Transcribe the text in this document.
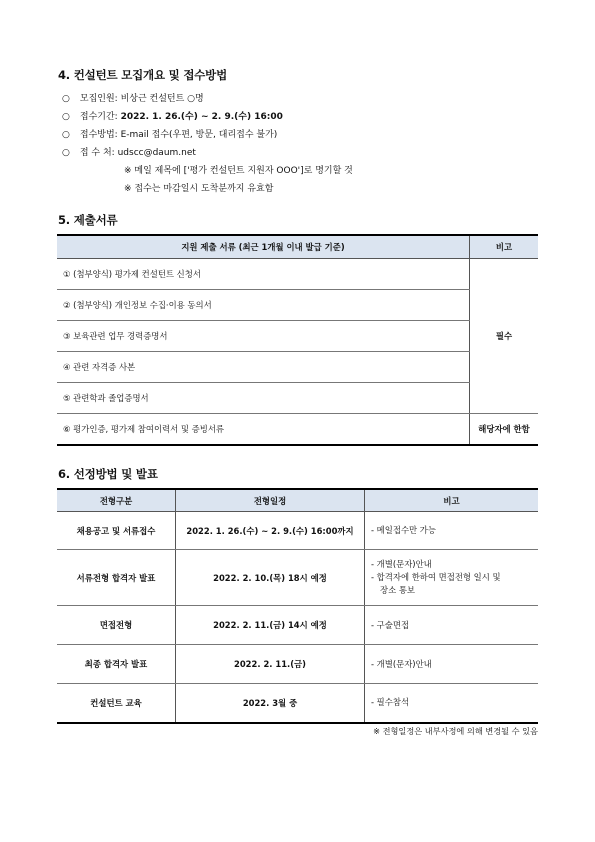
4. 컨설턴트 모집개요 및 접수방법
○ 모집인원: 비상근 컨설턴트 ○명
○ 접수기간: 2022. 1. 26.(수) ~ 2. 9.(수) 16:00
○ 접수방법: E-mail 접수(우편, 방문, 대리접수 불가)
○ 접 수 처: udscc@daum.net
※ 메일 제목에 ['평가 컨설턴트 지원자 OOO']로 명기할 것
※ 접수는 마감일시 도착분까지 유효함
5. 제출서류
지원 제출 서류 (최근 1개월 이내 발급 기준)	비고
① (첨부양식) 평가제 컨설턴트 신청서	필수
② (첨부양식) 개인정보 수집·이용 동의서	
③ 보육관련 업무 경력증명서	
④ 관련 자격증 사본	
⑤ 관련학과 졸업증명서	
⑥ 평가인증, 평가제 참여이력서 및 증빙서류	해당자에 한함
6. 선정방법 및 발표
전형구분	전형일정	비고
채용공고 및 서류접수	2022. 1. 26.(수) ~ 2. 9.(수) 16:00까지	- 메일접수만 가능

서류전형 합격자 발표	2022. 2. 10.(목) 18시 예정	- 개별(문자)안내
- 합격자에 한하여 면접전형 일시 및
장소 통보

면접전형	2022. 2. 11.(금) 14시 예정	- 구술면접

최종 합격자 발표	2022. 2. 11.(금)	- 개별(문자)안내

컨설턴트 교육	2022. 3월 중	- 필수참석
※ 전형일정은 내부사정에 의해 변경될 수 있음
